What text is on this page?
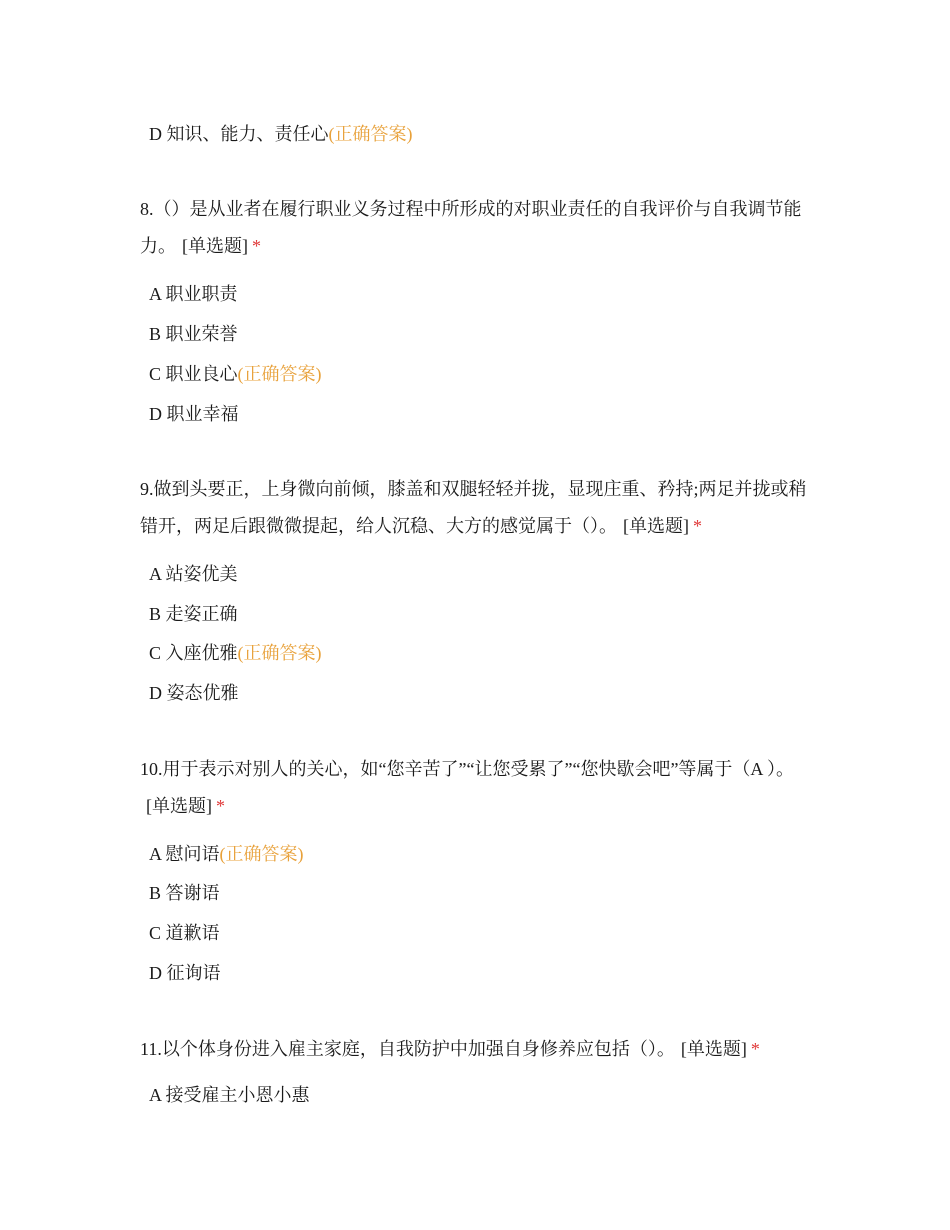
D 知识、能力、责任心(正确答案)
8.（）是从业者在履行职业义务过程中所形成的对职业责任的自我评价与自我调节能力。 [单选题] *
A 职业职责
B 职业荣誉
C 职业良心(正确答案)
D 职业幸福
9.做到头要正，上身微向前倾，膝盖和双腿轻轻并拢，显现庄重、矜持;两足并拢或稍错开，两足后跟微微提起，给人沉稳、大方的感觉属于（）。 [单选题] *
A 站姿优美
B 走姿正确
C 入座优雅(正确答案)
D 姿态优雅
10.用于表示对别人的关心，如“您辛苦了”“让您受累了”“您快歇会吧”等属于（A ）。[单选题] *
A 慰问语(正确答案)
B 答谢语
C 道歉语
D 征询语
11.以个体身份进入雇主家庭，自我防护中加强自身修养应包括（）。 [单选题] *
A 接受雇主小恩小惠
